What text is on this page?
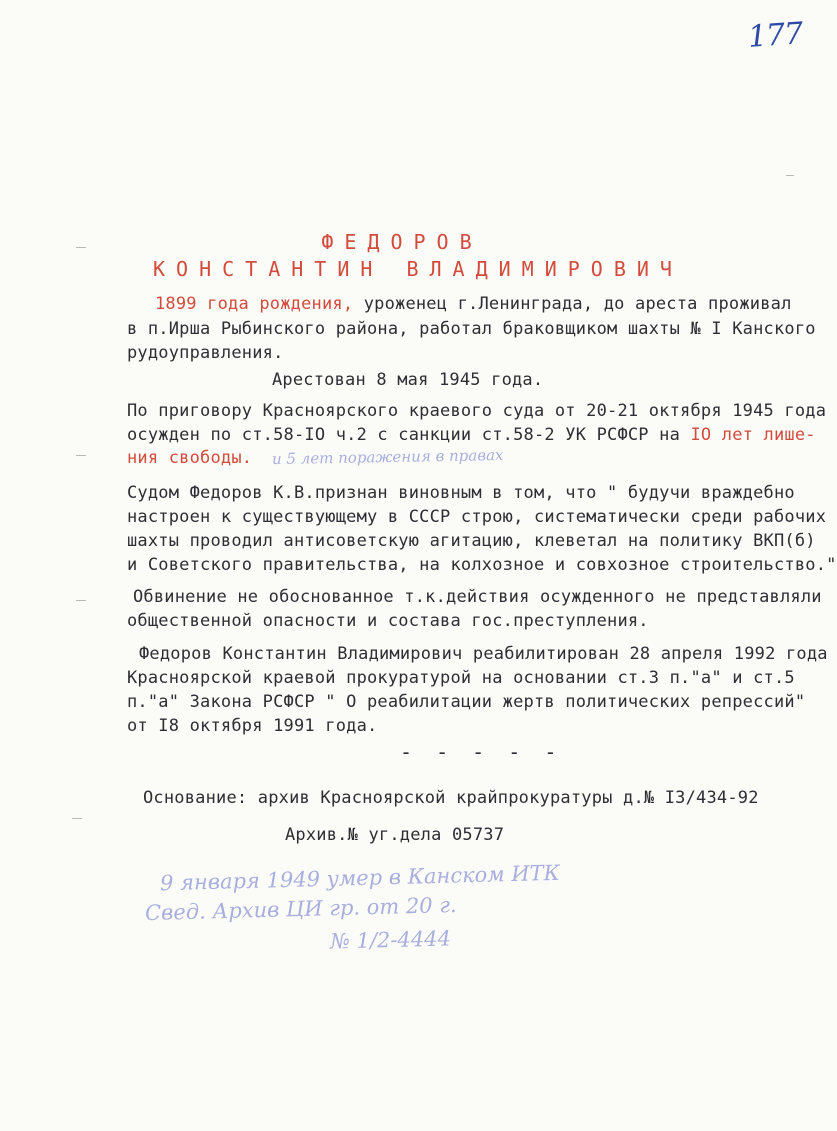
177
ФЕДОРОВ
КОНСТАНТИН ВЛАДИМИРОВИЧ
1899 года рождения, уроженец г.Ленинграда, до ареста проживал
в п.Ирша Рыбинского района, работал браковщиком шахты № I Канского
рудоуправления.
Арестован 8 мая 1945 года.
По приговору Красноярского краевого суда от 20-21 октября 1945 года
осужден по ст.58-IO ч.2 с санкции ст.58-2 УК РСФСР на IO лет лише-
ния свободы. и 5 лет поражения в правах
Судом Федоров К.В.признан виновным в том, что " будучи враждебно
настроен к существующему в СССР строю, систематически среди рабочих
шахты проводил антисоветскую агитацию, клеветал на политику ВКП(б)
и Советского правительства, на колхозное и совхозное строительство."
Обвинение не обоснованное т.к.действия осужденного не представляли
общественной опасности и состава гос.преступления.
Федоров Константин Владимирович реабилитирован 28 апреля 1992 года
Красноярской краевой прокуратурой на основании ст.3 п."а" и ст.5
п."а" Закона РСФСР " О реабилитации жертв политических репрессий"
от I8 октября 1991 года.
- - - - -
Основание: архив Красноярской крайпрокуратуры д.№ I3/434-92
Архив.№ уг.дела 05737
9 января 1949 умер в Канском ИТК
Свед. Архив ЦИ гр. от 20 г.
№ 1/2-4444
